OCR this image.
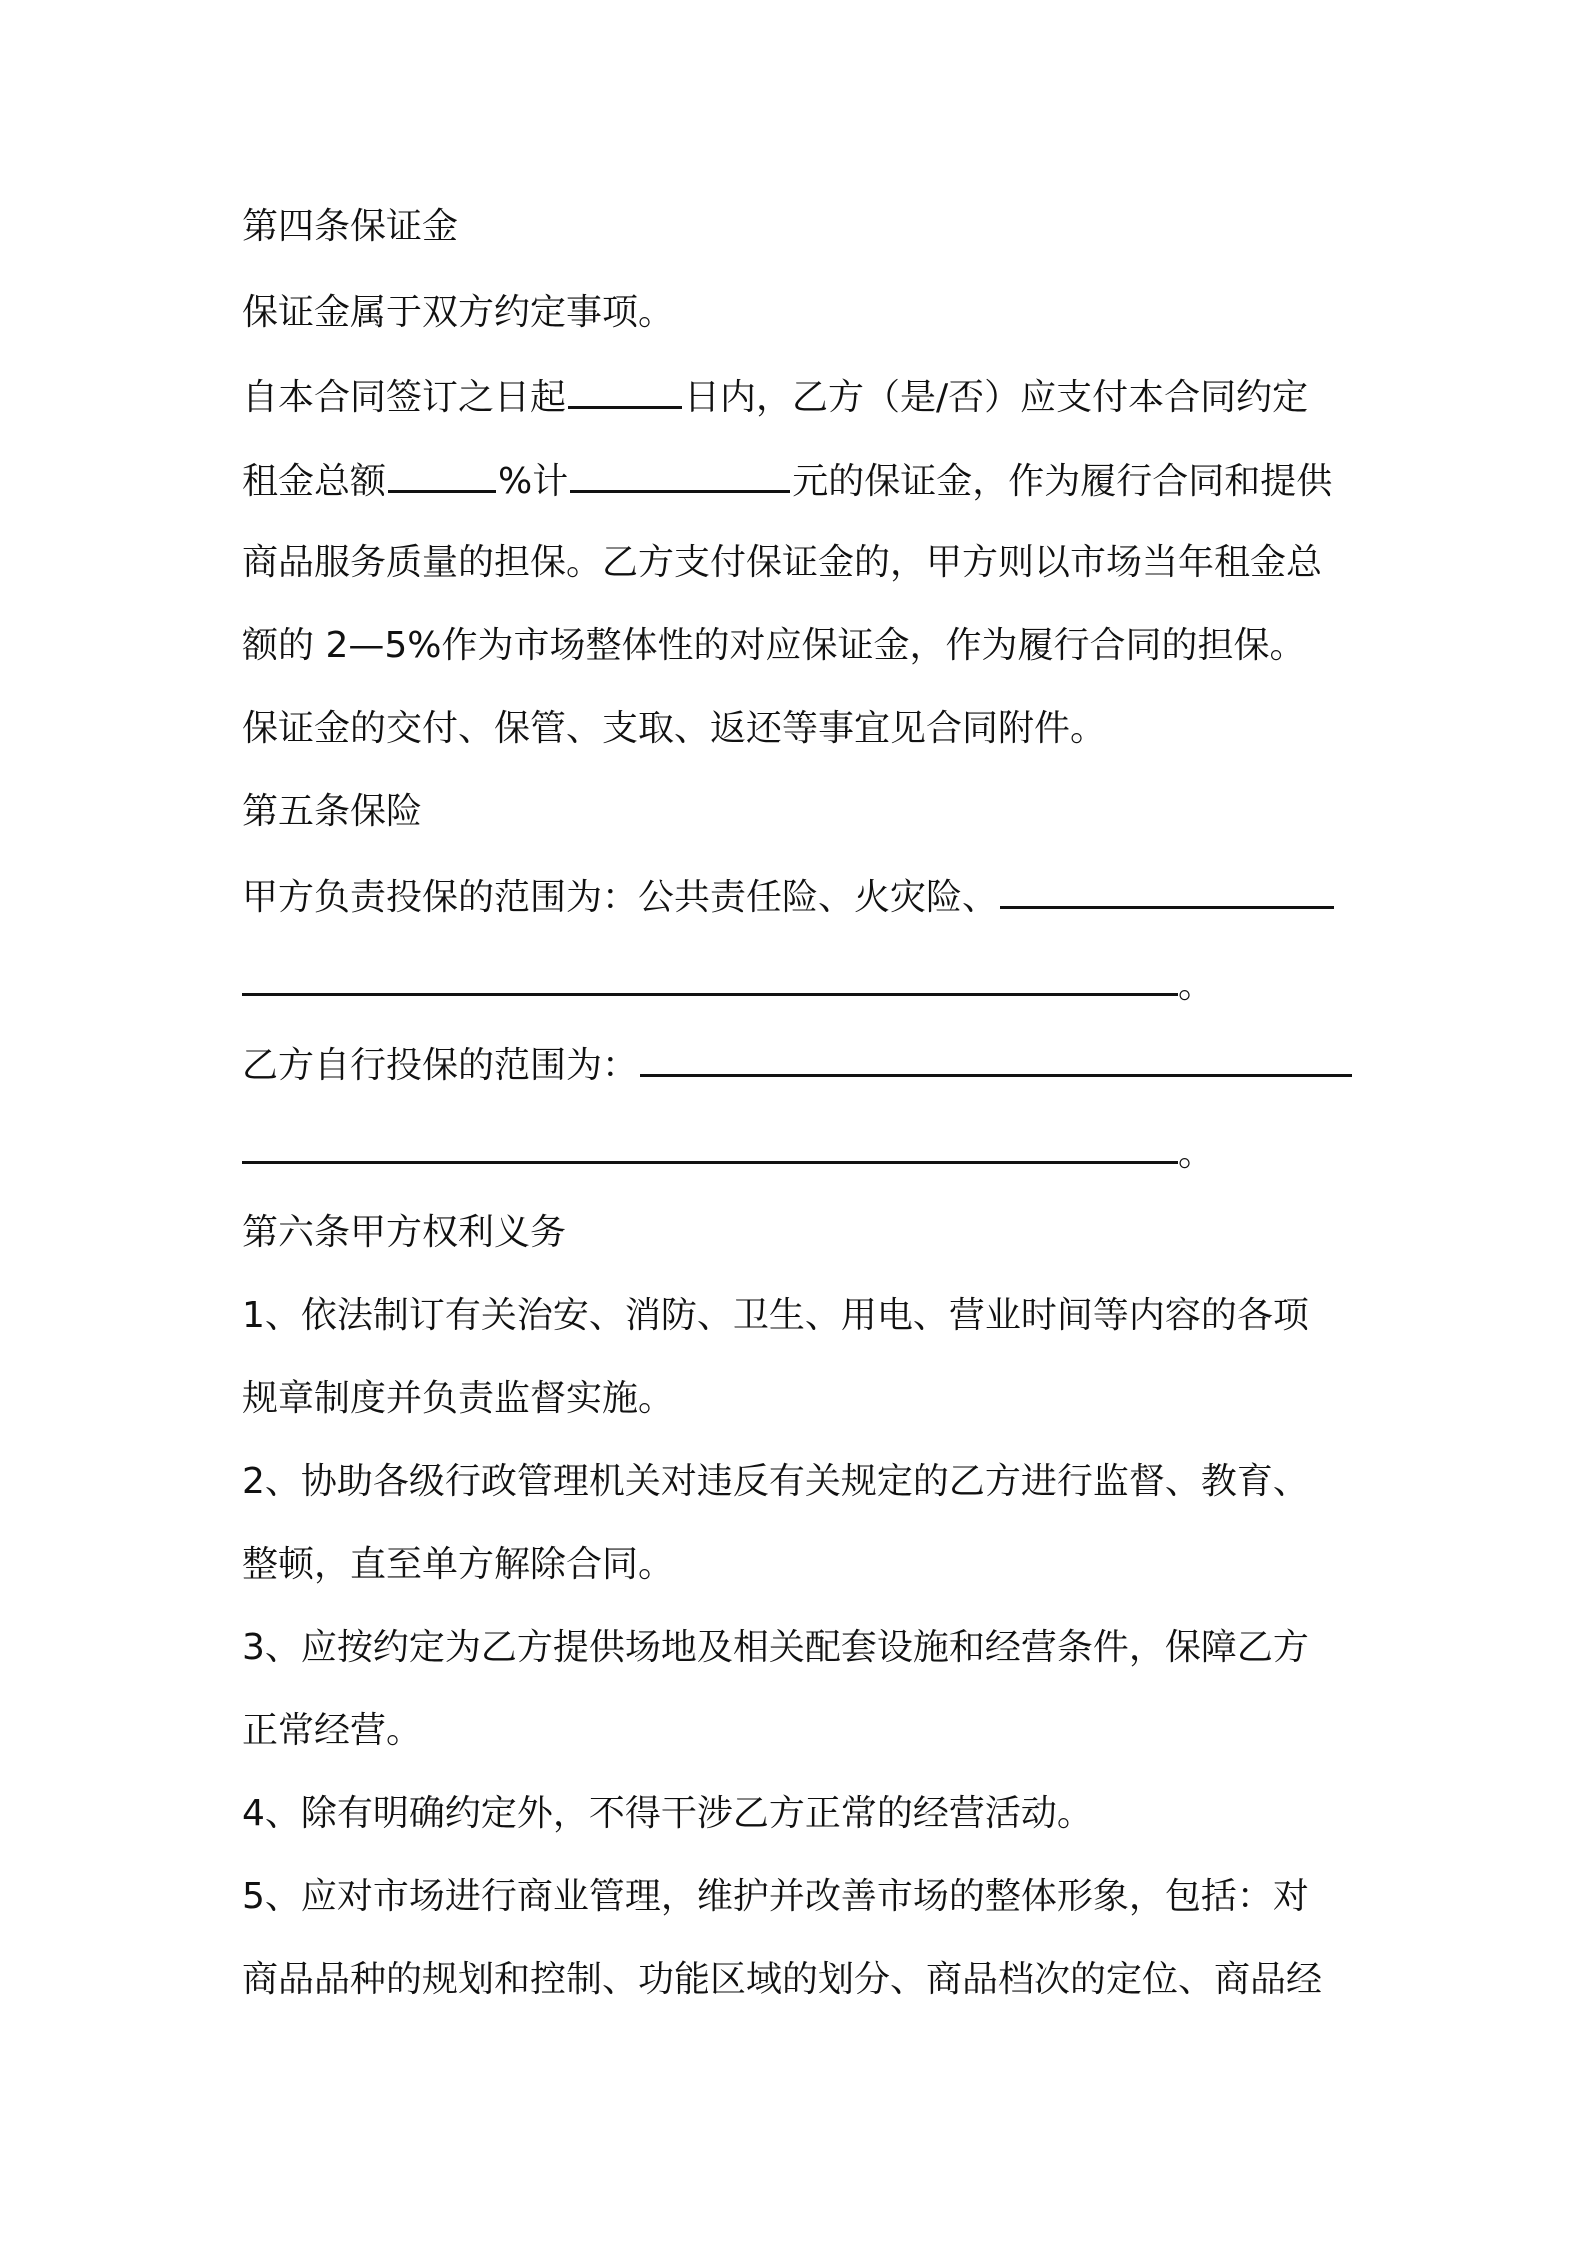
第四条保证金
保证金属于双方约定事项。
自本合同签订之日起	日内，乙方（是/否）应支付本合同约定
租金总额	%计	元的保证金，作为履行合同和提供
商品服务质量的担保。乙方支付保证金的，甲方则以市场当年租金总
额的 2—5%作为市场整体性的对应保证金，作为履行合同的担保。
保证金的交付、保管、支取、返还等事宜见合同附件。
第五条保险
甲方负责投保的范围为：公共责任险、火灾险、
。
乙方自行投保的范围为：
。
第六条甲方权利义务
1、依法制订有关治安、消防、卫生、用电、营业时间等内容的各项
规章制度并负责监督实施。
2、协助各级行政管理机关对违反有关规定的乙方进行监督、教育、
整顿，直至单方解除合同。
3、应按约定为乙方提供场地及相关配套设施和经营条件，保障乙方
正常经营。
4、除有明确约定外，不得干涉乙方正常的经营活动。
5、应对市场进行商业管理，维护并改善市场的整体形象，包括：对
商品品种的规划和控制、功能区域的划分、商品档次的定位、商品经
